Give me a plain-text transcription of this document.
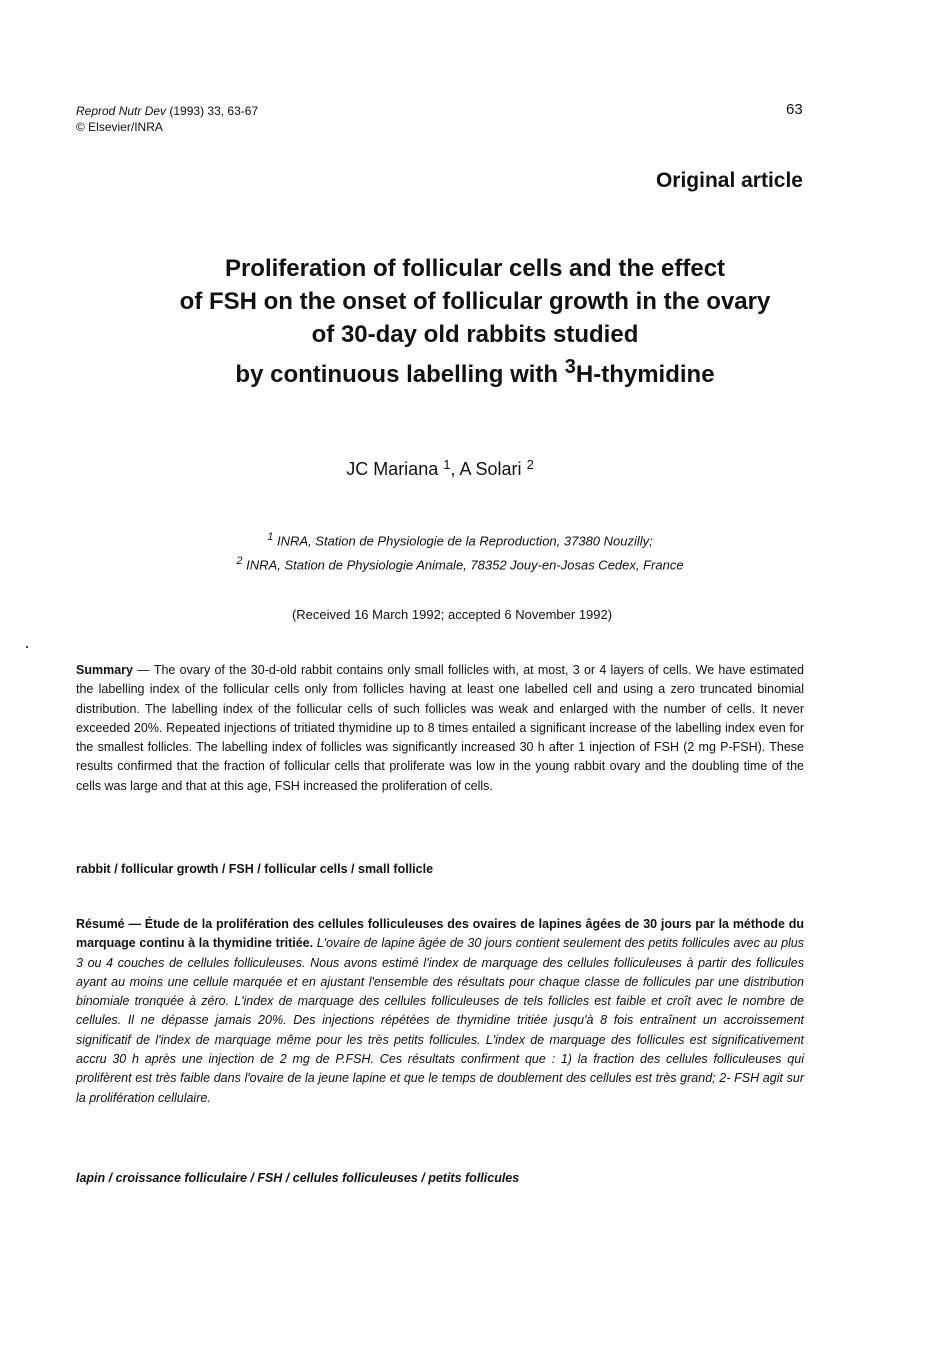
Reprod Nutr Dev (1993) 33, 63-67
© Elsevier/INRA
63
Original article
Proliferation of follicular cells and the effect
of FSH on the onset of follicular growth in the ovary
of 30-day old rabbits studied
by continuous labelling with $^3$H-thymidine
JC Mariana $^1$, A Solari $^2$
$^1$ INRA, Station de Physiologie de la Reproduction, 37380 Nouzilly;
$^2$ INRA, Station de Physiologie Animale, 78352 Jouy-en-Josas Cedex, France
(Received 16 March 1992; accepted 6 November 1992)
Summary — The ovary of the 30-d-old rabbit contains only small follicles with, at most, 3 or 4 layers of cells. We have estimated the labelling index of the follicular cells only from follicles having at least one labelled cell and using a zero truncated binomial distribution. The labelling index of the follicular cells of such follicles was weak and enlarged with the number of cells. It never exceeded 20%. Repeated injections of tritiated thymidine up to 8 times entailed a significant increase of the labelling index even for the smallest follicles. The labelling index of follicles was significantly increased 30 h after 1 injection of FSH (2 mg P-FSH). These results confirmed that the fraction of follicular cells that proliferate was low in the young rabbit ovary and the doubling time of the cells was large and that at this age, FSH increased the proliferation of cells.
rabbit / follicular growth / FSH / follicular cells / small follicle
Résumé — Étude de la prolifération des cellules folliculeuses des ovaires de lapines âgées de 30 jours par la méthode du marquage continu à la thymidine tritiée. L'ovaire de lapine âgée de 30 jours contient seulement des petits follicules avec au plus 3 ou 4 couches de cellules folliculeuses. Nous avons estimé l'index de marquage des cellules folliculeuses à partir des follicules ayant au moins une cellule marquée et en ajustant l'ensemble des résultats pour chaque classe de follicules par une distribution binomiale tronquée à zéro. L'index de marquage des cellules folliculeuses de tels follicles est faible et croît avec le nombre de cellules. Il ne dépasse jamais 20%. Des injections répétées de thymidine tritiée jusqu'à 8 fois entraînent un accroissement significatif de l'index de marquage même pour les très petits follicules. L'index de marquage des follicules est significativement accru 30 h après une injection de 2 mg de P.FSH. Ces résultats confirment que : 1) la fraction des cellules folliculeuses qui prolifèrent est très faible dans l'ovaire de la jeune lapine et que le temps de doublement des cellules est très grand; 2- FSH agit sur la prolifération cellulaire.
lapin / croissance folliculaire / FSH / cellules folliculeuses / petits follicules
